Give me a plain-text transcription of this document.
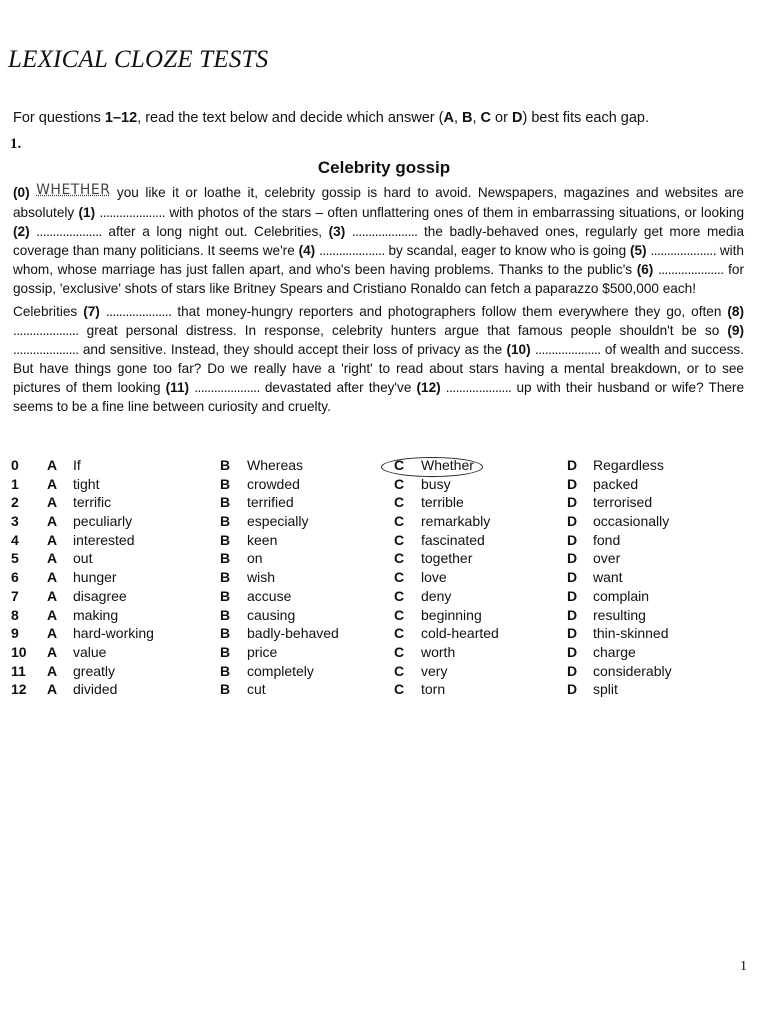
LEXICAL CLOZE TESTS
For questions 1–12, read the text below and decide which answer (A, B, C or D) best fits each gap.
1.
Celebrity gossip

(0) WHETHER you like it or loathe it, celebrity gossip is hard to avoid. Newspapers, magazines and websites are absolutely (1) .................... with photos of the stars – often unflattering ones of them in embarrassing situations, or looking (2) .................... after a long night out. Celebrities, (3) .................... the badly-behaved ones, regularly get more media coverage than many politicians. It seems we're (4) .................... by scandal, eager to know who is going (5) .................... with whom, whose marriage has just fallen apart, and who's been having problems. Thanks to the public's (6) .................... for gossip, 'exclusive' shots of stars like Britney Spears and Cristiano Ronaldo can fetch a paparazzo $500,000 each!

Celebrities (7) .................... that money-hungry reporters and photographers follow them everywhere they go, often (8) .................... great personal distress. In response, celebrity hunters argue that famous people shouldn't be so (9) .................... and sensitive. Instead, they should accept their loss of privacy as the (10) .................... of wealth and success. But have things gone too far? Do we really have a 'right' to read about stars having a mental breakdown, or to see pictures of them looking (11) .................... devastated after they've (12) .................... up with their husband or wife? There seems to be a fine line between curiosity and cruelty.

0 A If	B Whereas	C Whether	D Regardless
1 A tight	B crowded	C busy	D packed
2 A terrific	B terrified	C terrible	D terrorised
3 A peculiarly	B especially	C remarkably	D occasionally
4 A interested	B keen	C fascinated	D fond
5 A out	B on	C together	D over
6 A hunger	B wish	C love	D want
7 A disagree	B accuse	C deny	D complain
8 A making	B causing	C beginning	D resulting
9 A hard-working	B badly-behaved	C cold-hearted	D thin-skinned
10 A value	B price	C worth	D charge
11 A greatly	B completely	C very	D considerably
12 A divided	B cut	C torn	D split
1
